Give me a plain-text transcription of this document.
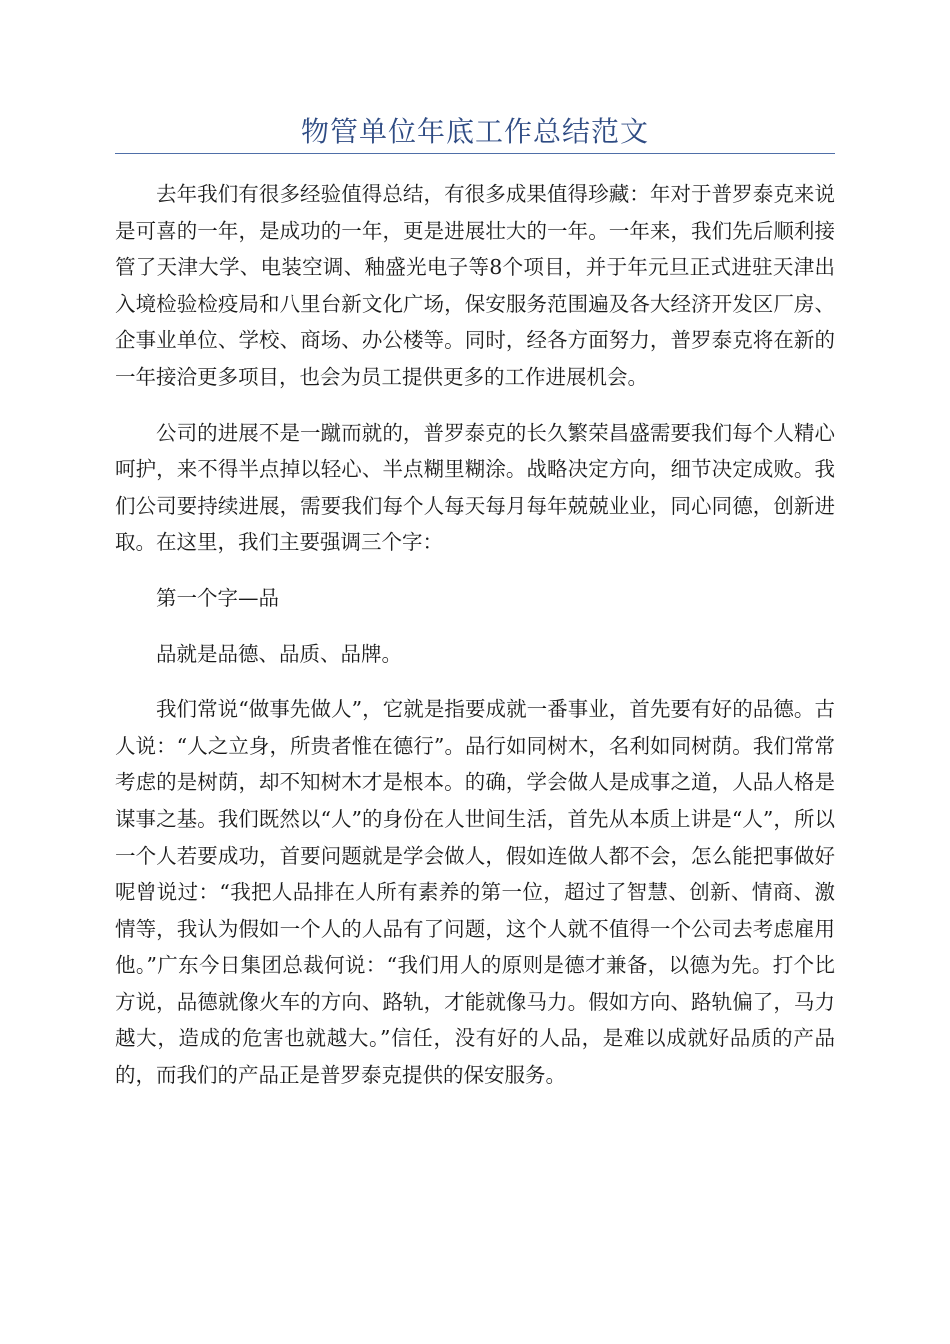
物管单位年底工作总结范文

去年我们有很多经验值得总结，有很多成果值得珍藏：年对于普罗泰克来说是可喜的一年，是成功的一年，更是进展壮大的一年。一年来，我们先后顺利接管了天津大学、电装空调、釉盛光电子等8个项目，并于年元旦正式进驻天津出入境检验检疫局和八里台新文化广场，保安服务范围遍及各大经济开发区厂房、企事业单位、学校、商场、办公楼等。同时，经各方面努力，普罗泰克将在新的一年接洽更多项目，也会为员工提供更多的工作进展机会。

公司的进展不是一蹴而就的，普罗泰克的长久繁荣昌盛需要我们每个人精心呵护，来不得半点掉以轻心、半点糊里糊涂。战略决定方向，细节决定成败。我们公司要持续进展，需要我们每个人每天每月每年兢兢业业，同心同德，创新进取。在这里，我们主要强调三个字：

第一个字—品

品就是品德、品质、品牌。

我们常说“做事先做人”，它就是指要成就一番事业，首先要有好的品德。古人说：“人之立身，所贵者惟在德行”。品行如同树木，名利如同树荫。我们常常考虑的是树荫，却不知树木才是根本。的确，学会做人是成事之道，人品人格是谋事之基。我们既然以“人”的身份在人世间生活，首先从本质上讲是“人”，所以一个人若要成功，首要问题就是学会做人，假如连做人都不会，怎么能把事做好呢曾说过：“我把人品排在人所有素养的第一位，超过了智慧、创新、情商、激情等，我认为假如一个人的人品有了问题，这个人就不值得一个公司去考虑雇用他。”广东今日集团总裁何说：“我们用人的原则是德才兼备，以德为先。打个比方说，品德就像火车的方向、路轨，才能就像马力。假如方向、路轨偏了，马力越大，造成的危害也就越大。”信任，没有好的人品，是难以成就好品质的产品的，而我们的产品正是普罗泰克提供的保安服务。
